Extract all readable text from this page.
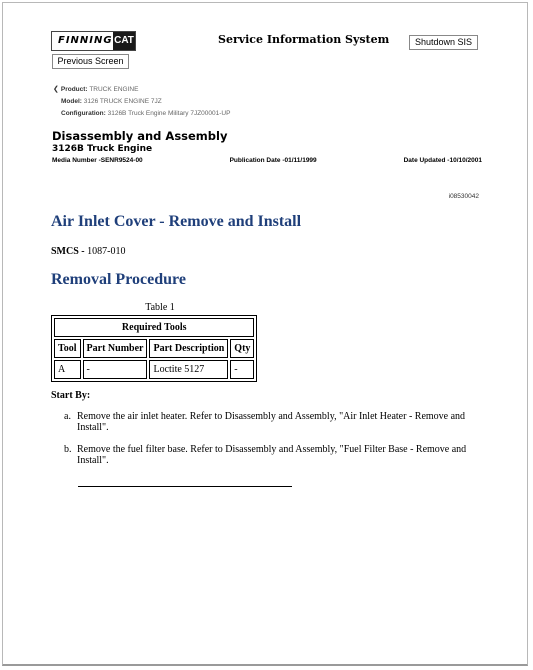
FINNING CAT	Service Information System	Shutdown SIS
Previous Screen
❮ Product: TRUCK ENGINE
Model: 3126 TRUCK ENGINE 7JZ
Configuration: 3126B Truck Engine Military 7JZ00001-UP
Disassembly and Assembly
3126B Truck Engine
Media Number -SENR9524-00	Publication Date -01/11/1999	Date Updated -10/10/2001
i08530042
Air Inlet Cover - Remove and Install
SMCS - 1087-010
Removal Procedure
Table 1
Required Tools			
Tool	Part Number	Part Description	Qty
A	-	Loctite 5127	-
Start By:
a. Remove the air inlet heater. Refer to Disassembly and Assembly, "Air Inlet Heater - Remove and Install".
b. Remove the fuel filter base. Refer to Disassembly and Assembly, "Fuel Filter Base - Remove and Install".
